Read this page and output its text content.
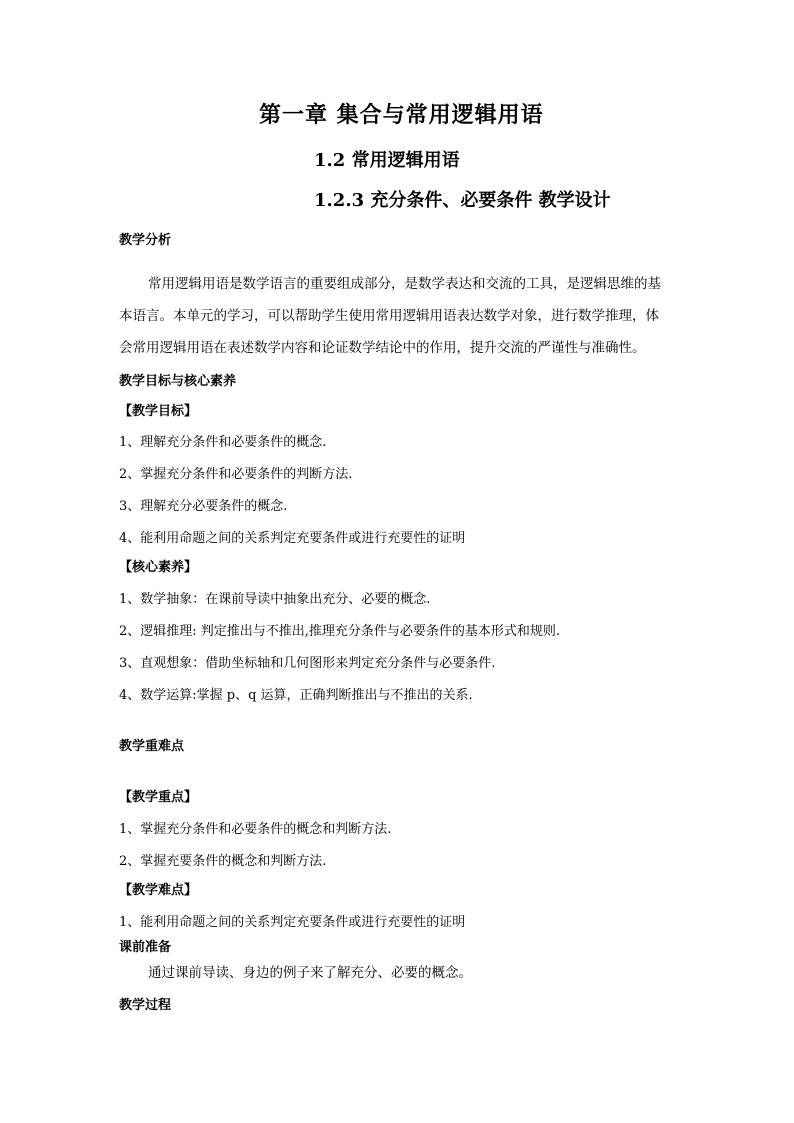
第一章 集合与常用逻辑用语
1.2 常用逻辑用语
1.2.3 充分条件、必要条件 教学设计
教学分析
常用逻辑用语是数学语言的重要组成部分，是数学表达和交流的工具，是逻辑思维的基
本语言。本单元的学习，可以帮助学生使用常用逻辑用语表达数学对象，进行数学推理，体
会常用逻辑用语在表述数学内容和论证数学结论中的作用，提升交流的严谨性与准确性。
教学目标与核心素养
【教学目标】
1、理解充分条件和必要条件的概念.
2、掌握充分条件和必要条件的判断方法.
3、理解充分必要条件的概念.
4、能利用命题之间的关系判定充要条件或进行充要性的证明
【核心素养】
1、数学抽象：在课前导读中抽象出充分、必要的概念.
2、逻辑推理: 判定推出与不推出,推理充分条件与必要条件的基本形式和规则.
3、直观想象：借助坐标轴和几何图形来判定充分条件与必要条件.
4、数学运算:掌握 p、q 运算，正确判断推出与不推出的关系.
教学重难点
【教学重点】
1、掌握充分条件和必要条件的概念和判断方法.
2、掌握充要条件的概念和判断方法.
【教学难点】
1、能利用命题之间的关系判定充要条件或进行充要性的证明
课前准备
通过课前导读、身边的例子来了解充分、必要的概念。
教学过程
